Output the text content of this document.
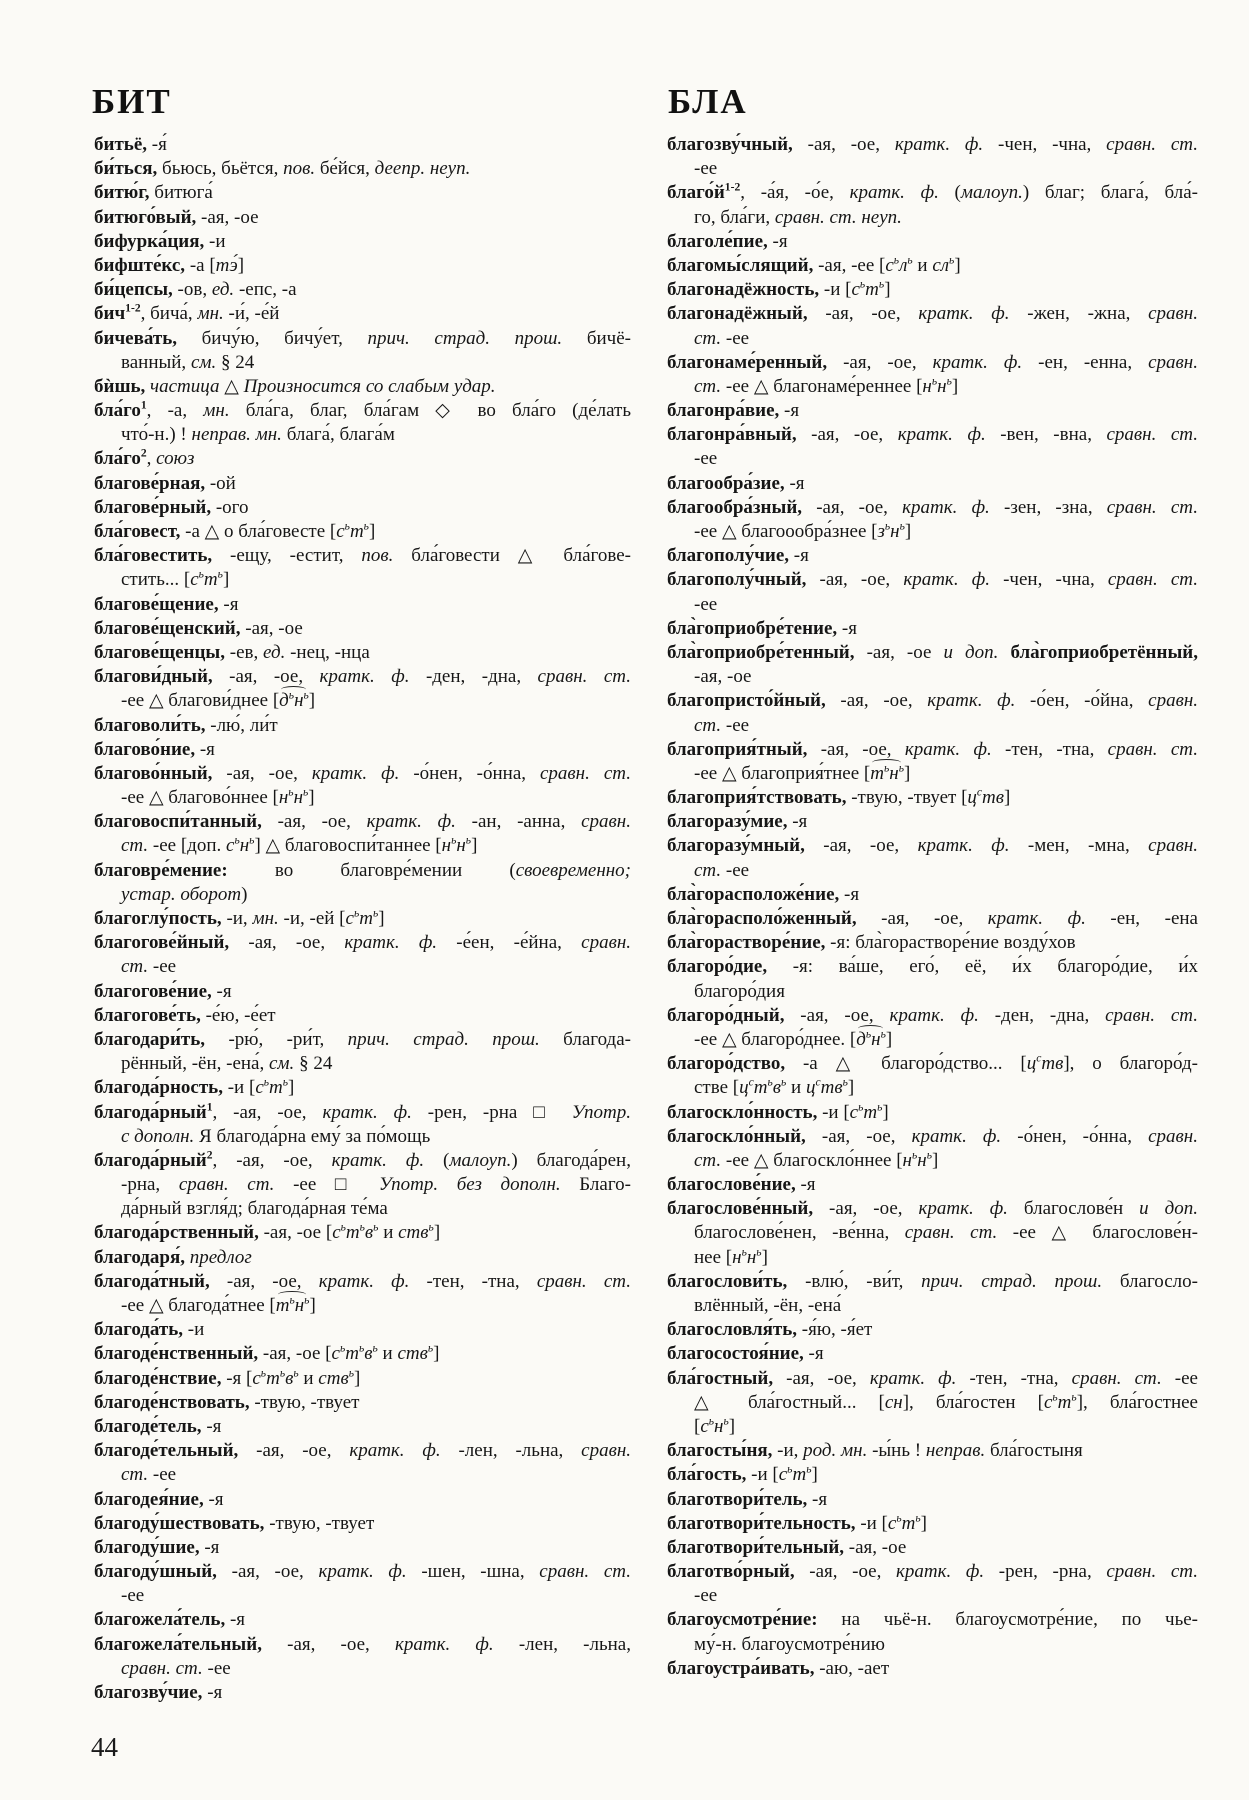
БИТ	БЛА
битьё, -я́
би́ться, бьюсь, бьётся, пов. бе́йся, деепр. неуп.
битю́г, битюга́
битюго́вый, -ая, -ое
бифурка́ция, -и
бифште́кс, -а [тэ́]
би́цепсы, -ов, ед. -епс, -а
бич$^{1-2}$, бича́, мн. -и́, -е́й
бичева́ть, бичу́ю, бичу́ет, прич. страд. прош. бичё-
ванный, см. § 24
бѝшь, частица △ Произносится со слабым удар.
$бла́го^1$, -а, мн. бла́га, благ, бла́гам ◇ во бла́го (де́лать
что́-н.) ! неправ. мн. блага́, блага́м
$бла́го^2$, союз
благове́рная, -ой
благове́рный, -ого
бла́говест, -а △ о бла́говесте $[с^ьт^ь]$
бла́говестить, -ещу, -естит, пов. бла́говести △ бла́гове-
стить... $[с^ьт^ь]$
благове́щение, -я
благове́щенский, -ая, -ое
благове́щенцы, -ев, ед. -нец, -нца
благови́дный, -ая, -ое, кратк. ф. -ден, -дна, сравн. ст.
-ее △ благови́днее $[д^ьн^ь]$
благоволи́ть, -лю́, ли́т
благово́ние, -я
благово́нный, -ая, -ое, кратк. ф. -о́нен, -о́нна, сравн. ст.
-ее △ благово́ннее $[н^ьн^ь]$
благовоспи́танный, -ая, -ое, кратк. ф. -ан, -анна, сравн.
ст. -ее [доп. $с^ьн^ь$] △ благовоспи́таннее $[н^ьн^ь]$
благовре́мение: во благовре́мении (своевременно;
устар. оборот)
благоглу́пость, -и, мн. -и, -ей $[с^ьт^ь]$
благогове́йный, -ая, -ое, кратк. ф. -е́ен, -е́йна, сравн.
ст. -ее
благогове́ние, -я
благогове́ть, -е́ю, -е́ет
благодари́ть, -рю́, -ри́т, прич. страд. прош. благода-
рённый, -ён, -ена́, см. § 24
благода́рность, -и $[с^ьт^ь]$
благода́рный$^1$, -ая, -ое, кратк. ф. -рен, -рна □ Употр.
с дополн. Я благода́рна ему́ за по́мощь
благода́рный$^2$, -ая, -ое, кратк. ф. (малоуп.) благода́рен,
-рна, сравн. ст. -ее □ Употр. без дополн. Благо-
да́рный взгля́д; благода́рная те́ма
благода́рственный, -ая, -ое [$с^ьт^ьв^ь$ и ств$^ь$]
благодаря́, предлог
благода́тный, -ая, -ое, кратк. ф. -тен, -тна, сравн. ст.
-ее △ благода́тнее $[т^ьн^ь]$
благода́ть, -и
благоде́нственный, -ая, -ое [$с^ьт^ьв^ь$ и ств$^ь$]
благоде́нствие, -я [$с^ьт^ьв^ь$ и ств$^ь$]
благоде́нствовать, -твую, -твует
благоде́тель, -я
благоде́тельный, -ая, -ое, кратк. ф. -лен, -льна, сравн.
ст. -ее
благодея́ние, -я
благоду́шествовать, -твую, -твует
благоду́шие, -я
благоду́шный, -ая, -ое, кратк. ф. -шен, -шна, сравн. ст.
-ее
благожела́тель, -я
благожела́тельный, -ая, -ое, кратк. ф. -лен, -льна,
сравн. ст. -ее
благозву́чие, -я
благозву́чный, -ая, -ое, кратк. ф. -чен, -чна, сравн. ст.
-ее
$благо́й^{1-2}$, -а́я, -о́е, кратк. ф. (малоуп.) благ; блага́, бла́-
го, бла́ги, сравн. ст. неуп.
благоле́пие, -я
благомы́слящий, -ая, -ее [$с^ьл^ь$ и $сл^ь$]
благонадёжность, -и $[с^ьт^ь]$
благонадёжный, -ая, -ое, кратк. ф. -жен, -жна, сравн.
ст. -ее
благонаме́ренный, -ая, -ое, кратк. ф. -ен, -енна, сравн.
ст. -ее △ благонаме́реннее $[н^ьн^ь]$
благонра́вие, -я
благонра́вный, -ая, -ое, кратк. ф. -вен, -вна, сравн. ст.
-ее
благообра́зие, -я
благообра́зный, -ая, -ое, кратк. ф. -зен, -зна, сравн. ст.
-ее △ благоообра́знее $[з^ьн^ь]$
благополу́чие, -я
благополу́чный, -ая, -ое, кратк. ф. -чен, -чна, сравн. ст.
-ее
бла̀гоприобре́тение, -я
бла̀гоприобре́тенный, -ая, -ое и доп. бла̀гоприобретённый,
-ая, -ое
благопристо́йный, -ая, -ое, кратк. ф. -о́ен, -о́йна, сравн.
ст. -ее
благоприя́тный, -ая, -ое, кратк. ф. -тен, -тна, сравн. ст.
-ее △ благоприя́тнее $[т^ьн^ь]$
благоприя́тствовать, -твую, -твует $[ц^ств]$
благоразу́мие, -я
благоразу́мный, -ая, -ое, кратк. ф. -мен, -мна, сравн.
ст. -ее
бла̀горасположе́ние, -я
бла̀горасполо́женный, -ая, -ое, кратк. ф. -ен, -ена
бла̀горастворе́ние, -я: бла̀горастворе́ние возду́хов
благоро́дие, -я: ва́ше, его́, её, и́х благоро́дие, и́х
благоро́дия
благоро́дный, -ая, -ое, кратк. ф. -ден, -дна, сравн. ст.
-ее △ благоро́днее. $[д^ьн^ь]$
благоро́дство, -а △ благоро́дство... $[ц^ств]$, о благоро́д-
стве [$ц^ст^ьв^ь$ и $ц^ств^ь$]
благоскло́нность, -и $[с^ьт^ь]$
благоскло́нный, -ая, -ое, кратк. ф. -о́нен, -о́нна, сравн.
ст. -ее △ благоскло́ннее $[н^ьн^ь]$
благослове́ние, -я
благослове́нный, -ая, -ое, кратк. ф. благослове́н и доп.
благослове́нен, -ве́нна, сравн. ст. -ее △ благослове́н-
нее $[н^ьн^ь]$
благослови́ть, -влю́, -ви́т, прич. страд. прош. благосло-
влённый, -ён, -ена́
благословля́ть, -я́ю, -я́ет
благосостоя́ние, -я
бла́гостный, -ая, -ое, кратк. ф. -тен, -тна, сравн. ст. -ее
△ бла́гостный... [сн], бла́гостен $[с^ьт^ь]$, бла́гостнее
$[с^ьн^ь]$
благосты́ня, -и, род. мн. -ы́нь ! неправ. бла́гостыня
бла́гость, -и $[с^ьт^ь]$
благотвори́тель, -я
благотвори́тельность, -и $[с^ьт^ь]$
благотвори́тельный, -ая, -ое
благотво́рный, -ая, -ое, кратк. ф. -рен, -рна, сравн. ст.
-ее
благоусмотре́ние: на чьё-н. благоусмотре́ние, по чье-
му́-н. благоусмотре́нию
благоустра́ивать, -аю, -ает
44
